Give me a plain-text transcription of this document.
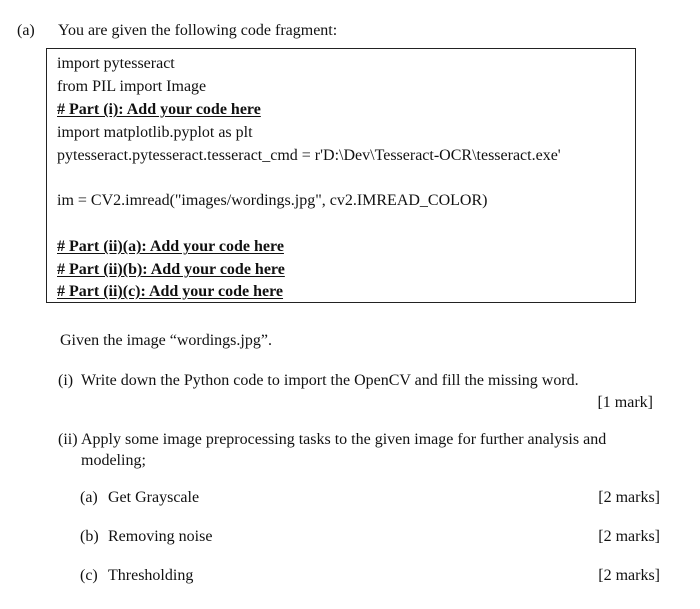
(a) You are given the following code fragment:
import pytesseract
from PIL import Image
# Part (i): Add your code here
import matplotlib.pyplot as plt
pytesseract.pytesseract.tesseract_cmd = r'D:\Dev\Tesseract-OCR\tesseract.exe'
im = CV2.imread("images/wordings.jpg", cv2.IMREAD_COLOR)
# Part (ii)(a): Add your code here
# Part (ii)(b): Add your code here
# Part (ii)(c): Add your code here
Given the image “wordings.jpg”.
(i) Write down the Python code to import the OpenCV and fill the missing word.
[1 mark]
(ii) Apply some image preprocessing tasks to the given image for further analysis and
modeling;
(a) Get Grayscale	[2 marks]
(b) Removing noise	[2 marks]
(c) Thresholding	[2 marks]
